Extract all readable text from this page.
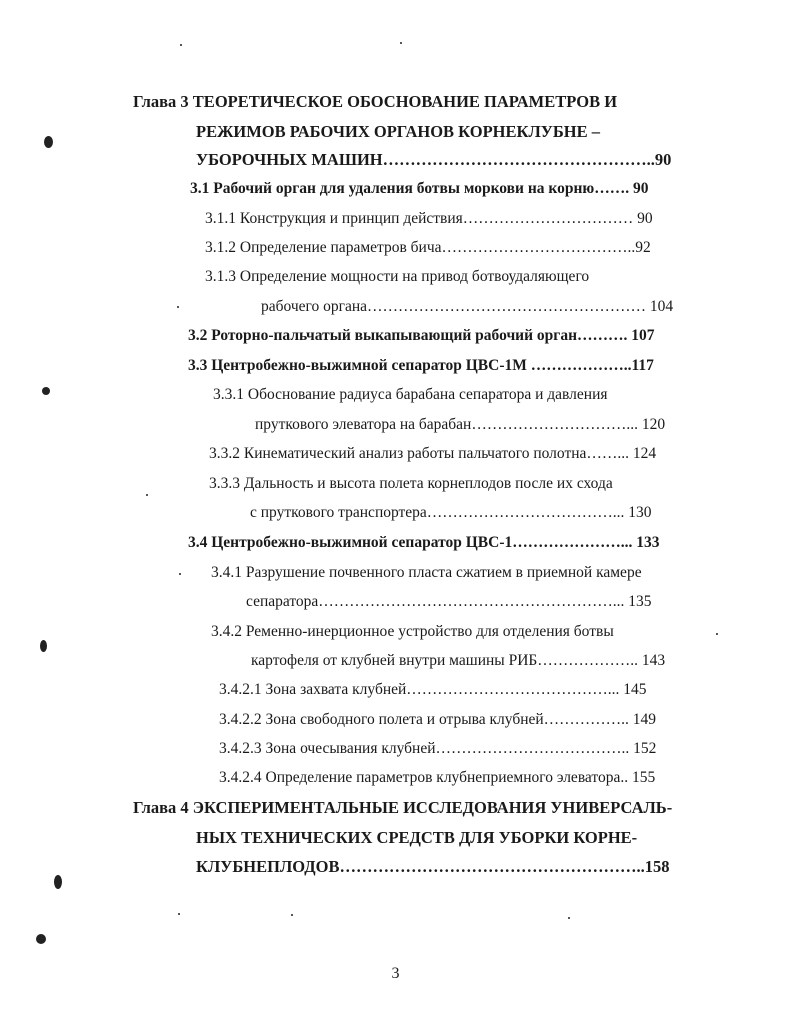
Глава 3 ТЕОРЕТИЧЕСКОЕ ОБОСНОВАНИЕ ПАРАМЕТРОВ И
РЕЖИМОВ РАБОЧИХ ОРГАНОВ КОРНЕКЛУБНЕ –
УБОРОЧНЫХ МАШИН…………………………………………..90
3.1 Рабочий орган для удаления ботвы моркови на корню……. 90
3.1.1 Конструкция и принцип действия…………………………… 90
3.1.2 Определение параметров бича………………………………..92
3.1.3 Определение мощности на привод ботвоудаляющего
рабочего органа……………………………………………… 104
3.2 Роторно-пальчатый выкапывающий рабочий орган………. 107
3.3 Центробежно-выжимной сепаратор ЦВС-1М ………………..117
3.3.1 Обоснование радиуса барабана сепаратора и давления
пруткового элеватора на барабан…………………………... 120
3.3.2 Кинематический анализ работы пальчатого полотна……... 124
3.3.3 Дальность и высота полета корнеплодов после их схода
с пруткового транспортера………………………………... 130
3.4 Центробежно-выжимной сепаратор ЦВС-1…………………... 133
3.4.1 Разрушение почвенного пласта сжатием в приемной камере
сепаратора…………………………………………………... 135
3.4.2 Ременно-инерционное устройство для отделения ботвы
картофеля от клубней внутри машины РИБ……………….. 143
3.4.2.1 Зона захвата клубней…………………………………... 145
3.4.2.2 Зона свободного полета и отрыва клубней…………….. 149
3.4.2.3 Зона очесывания клубней……………………………….. 152
3.4.2.4 Определение параметров клубнеприемного элеватора.. 155
Глава 4 ЭКСПЕРИМЕНТАЛЬНЫЕ ИССЛЕДОВАНИЯ УНИВЕРСАЛЬ-
НЫХ ТЕХНИЧЕСКИХ СРЕДСТВ ДЛЯ УБОРКИ КОРНЕ-
КЛУБНЕПЛОДОВ………………………………………………..158
3
